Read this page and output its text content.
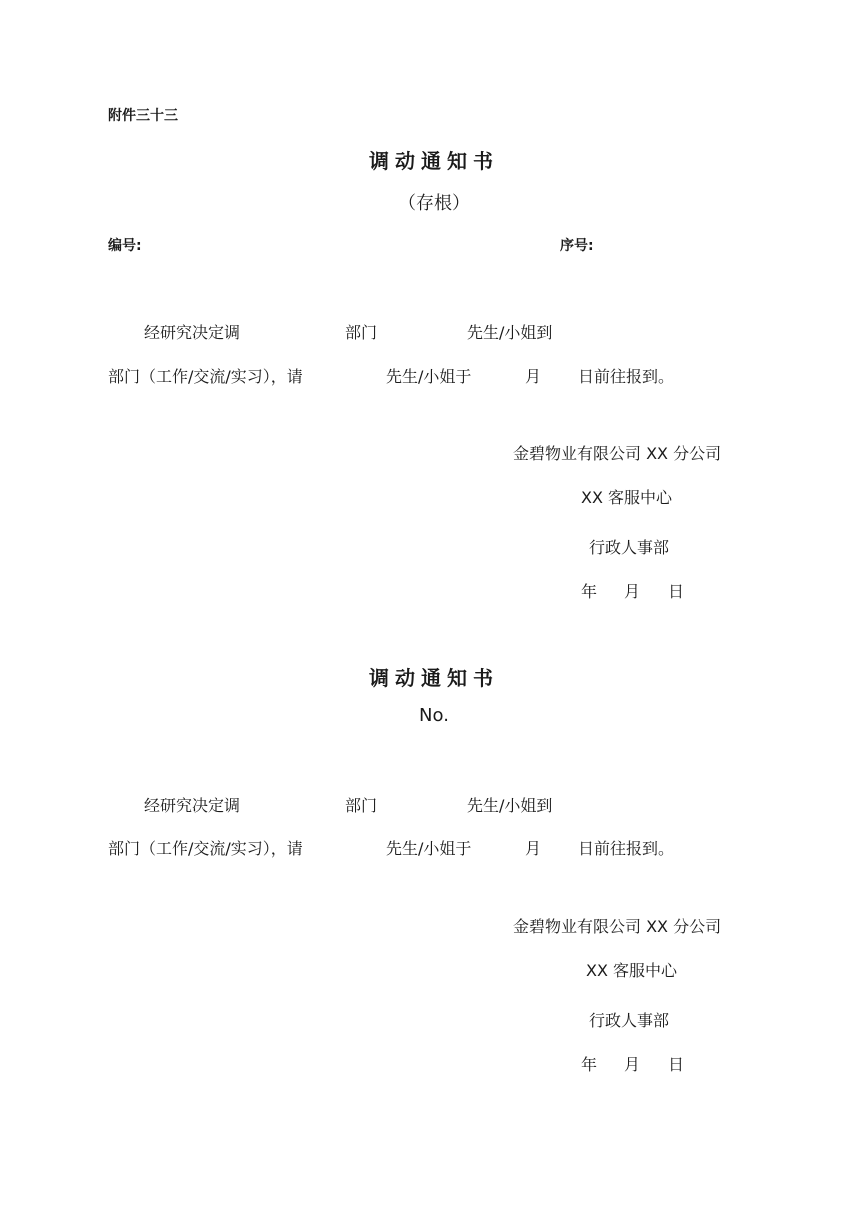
附件三十三
调动通知书
（存根）
编号:	序号:
经研究决定调	部门	先生/小姐到
部门（工作/交流/实习），请	先生/小姐于	月 日前往报到。
金碧物业有限公司 XX 分公司
XX 客服中心
行政人事部
年 月 日
调动通知书
No.
经研究决定调	部门	先生/小姐到
部门（工作/交流/实习），请	先生/小姐于	月 日前往报到。
金碧物业有限公司 XX 分公司
XX 客服中心
行政人事部
年 月 日
